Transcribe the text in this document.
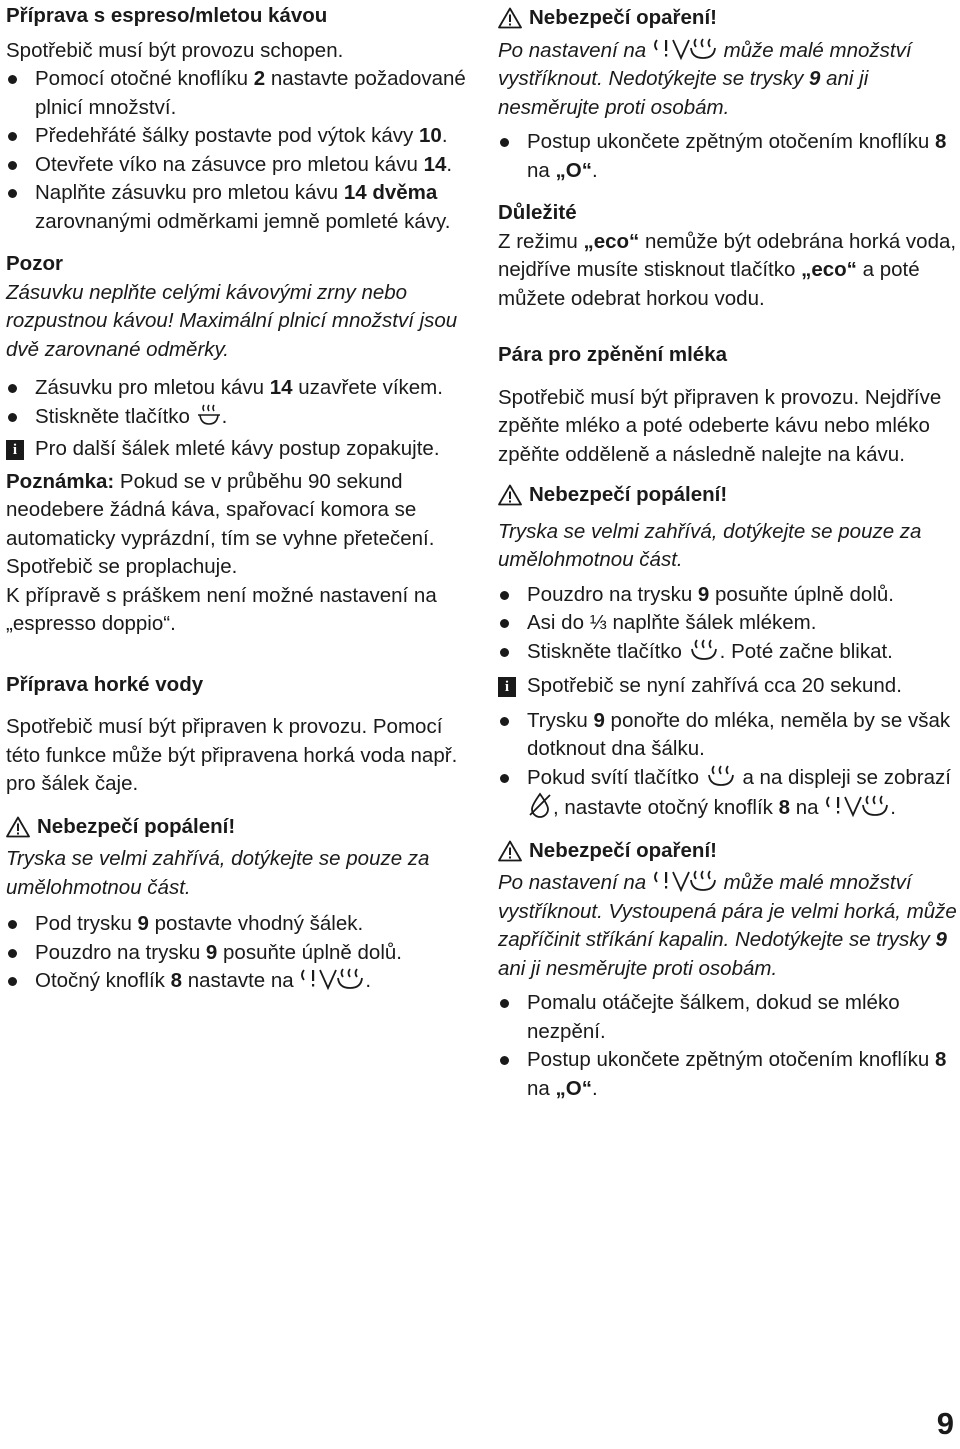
Příprava s espreso/mletou kávou

Spotřebič musí být provozu schopen.

Pomocí otočné knoflíku 2 nastavte požadované plnicí množství.
Předehřáté šálky postavte pod výtok kávy 10.
Otevřete víko na zásuvce pro mletou kávu 14.
Naplňte zásuvku pro mletou kávu 14 dvěma zarovnanými odměrkami jemně pomleté kávy.

Pozor

Zásuvku neplňte celými kávovými zrny nebo rozpustnou kávou! Maximální plnicí množství jsou dvě zarovnané odměrky.

Zásuvku pro mletou kávu 14 uzavřete víkem.
Stiskněte tlačítko .
i Pro další šálek mleté kávy postup zopakujte.

Poznámka: Pokud se v průběhu 90 sekund neodebere žádná káva, spařovací komora se automaticky vyprázdní, tím se vyhne přetečení. Spotřebič se proplachuje.

K přípravě s práškem není možné nastavení na „espresso doppio“.

Příprava horké vody

Spotřebič musí být připraven k provozu. Pomocí této funkce může být připravena horká voda např. pro šálek čaje.

Nebezpečí popálení!

Tryska se velmi zahřívá, dotýkejte se pouze za umělohmotnou část.

Pod trysku 9 postavte vhodný šálek.
Pouzdro na trysku 9 posuňte úplně dolů.
Otočný knoflík 8 nastavte na	.
Nebezpečí opaření!

Po nastavení na	může malé množství vystříknout. Nedotýkejte se trysky 9 ani ji nesměrujte proti osobám.

Postup ukončete zpětným otočením knoflíku 8 na „O“.

Důležité

Z režimu „eco“ nemůže být odebrána horká voda, nejdříve musíte stisknout tlačítko „eco“ a poté můžete odebrat horkou vodu.

Pára pro zpěnění mléka

Spotřebič musí být připraven k provozu. Nejdříve zpěňte mléko a poté odeberte kávu nebo mléko zpěňte odděleně a následně nalejte na kávu.

Nebezpečí popálení!

Tryska se velmi zahřívá, dotýkejte se pouze za umělohmotnou část.

Pouzdro na trysku 9 posuňte úplně dolů.
Asi do ⅓ naplňte šálek mlékem.
Stiskněte tlačítko . Poté začne blikat.
i Spotřebič se nyní zahřívá cca 20 sekund.
Trysku 9 ponořte do mléka, neměla by se však dotknout dna šálku.
Pokud svítí tlačítko  a na displeji se zobrazí , nastavte otočný knoflík 8 na	.
Nebezpečí opaření!

Po nastavení na	může malé množství vystříknout. Vystoupená pára je velmi horká, může zapříčinit stříkání kapalin. Nedotýkejte se trysky 9 ani ji nesměrujte proti osobám.

Pomalu otáčejte šálkem, dokud se mléko nezpění.
Postup ukončete zpětným otočením knoflíku 8 na „O“.
9
